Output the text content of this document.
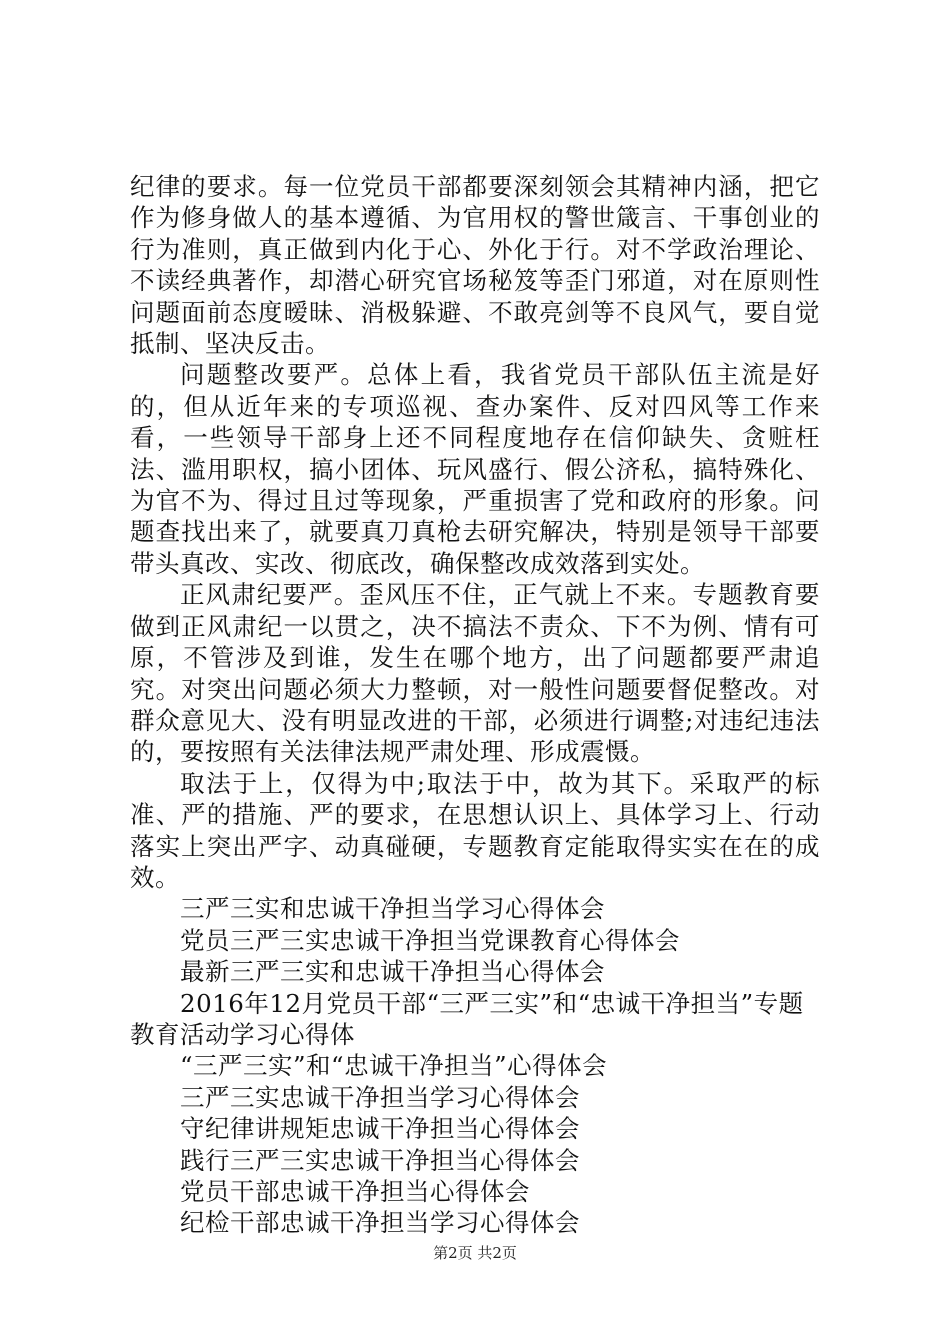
纪律的要求。每一位党员干部都要深刻领会其精神内涵，把它作为修身做人的基本遵循、为官用权的警世箴言、干事创业的行为准则，真正做到内化于心、外化于行。对不学政治理论、不读经典著作，却潜心研究官场秘笈等歪门邪道，对在原则性问题面前态度暧昧、消极躲避、不敢亮剑等不良风气，要自觉抵制、坚决反击。

问题整改要严。总体上看，我省党员干部队伍主流是好的，但从近年来的专项巡视、查办案件、反对四风等工作来看，一些领导干部身上还不同程度地存在信仰缺失、贪赃枉法、滥用职权，搞小团体、玩风盛行、假公济私，搞特殊化、为官不为、得过且过等现象，严重损害了党和政府的形象。问题查找出来了，就要真刀真枪去研究解决，特别是领导干部要带头真改、实改、彻底改，确保整改成效落到实处。

正风肃纪要严。歪风压不住，正气就上不来。专题教育要做到正风肃纪一以贯之，决不搞法不责众、下不为例、情有可原，不管涉及到谁，发生在哪个地方，出了问题都要严肃追究。对突出问题必须大力整顿，对一般性问题要督促整改。对群众意见大、没有明显改进的干部，必须进行调整;对违纪违法的，要按照有关法律法规严肃处理、形成震慑。

取法于上，仅得为中;取法于中，故为其下。采取严的标准、严的措施、严的要求，在思想认识上、具体学习上、行动落实上突出严字、动真碰硬，专题教育定能取得实实在在的成效。

三严三实和忠诚干净担当学习心得体会

党员三严三实忠诚干净担当党课教育心得体会

最新三严三实和忠诚干净担当心得体会

2016年12月党员干部“三严三实”和“忠诚干净担当”专题教育活动学习心得体

“三严三实”和“忠诚干净担当”心得体会

三严三实忠诚干净担当学习心得体会

守纪律讲规矩忠诚干净担当心得体会

践行三严三实忠诚干净担当心得体会

党员干部忠诚干净担当心得体会

纪检干部忠诚干净担当学习心得体会

第2页 共2页
